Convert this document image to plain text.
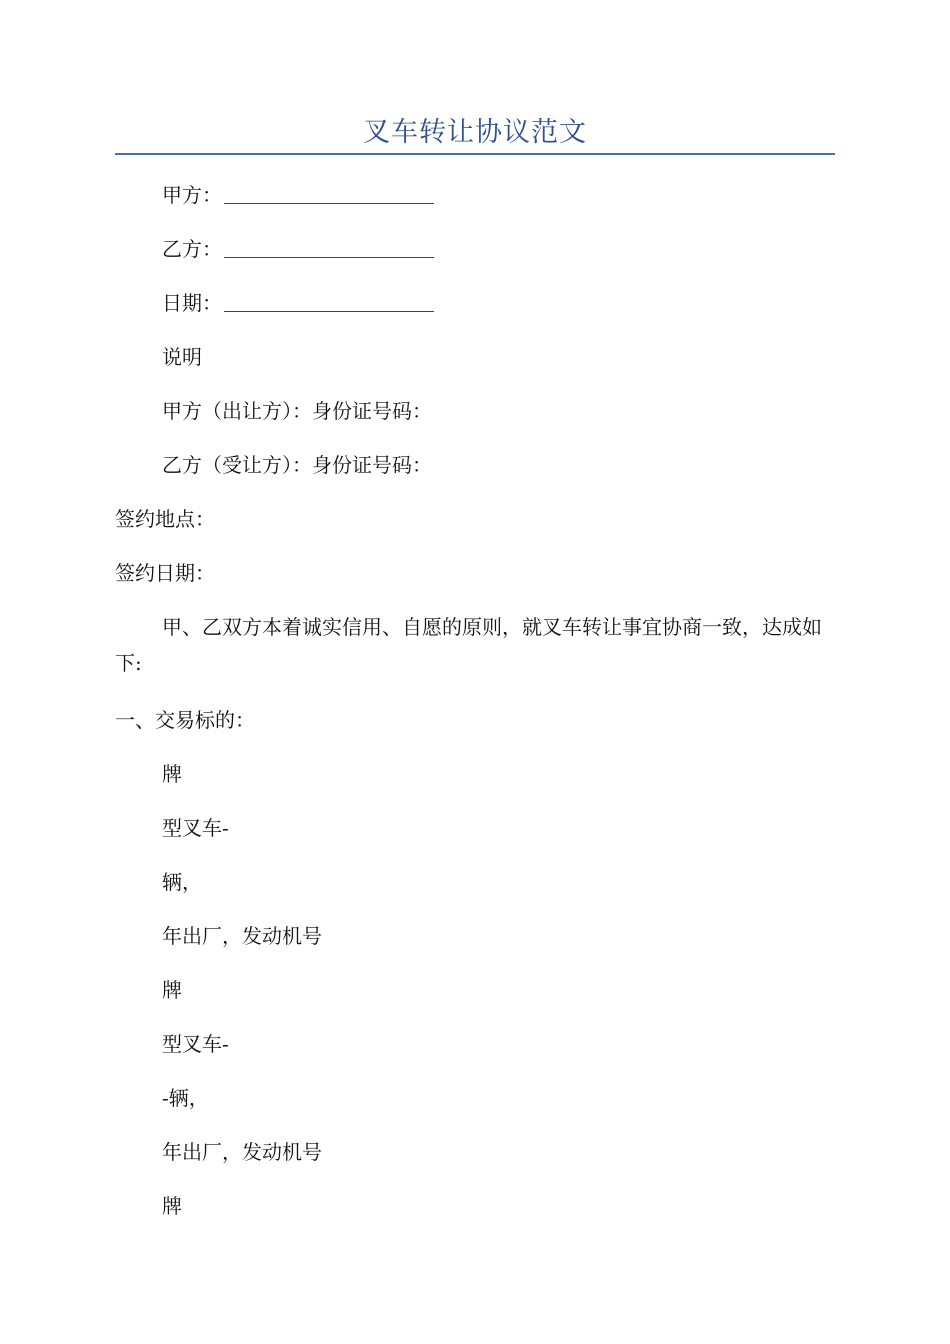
叉车转让协议范文
甲方：
乙方：
日期：
说明
甲方（出让方）：身份证号码：
乙方（受让方）：身份证号码：
签约地点：
签约日期：
甲、乙双方本着诚实信用、自愿的原则，就叉车转让事宜协商一致，达成如下:
一、交易标的：
牌
型叉车-
辆，
年出厂，发动机号
牌
型叉车-
-辆，
年出厂，发动机号
牌
